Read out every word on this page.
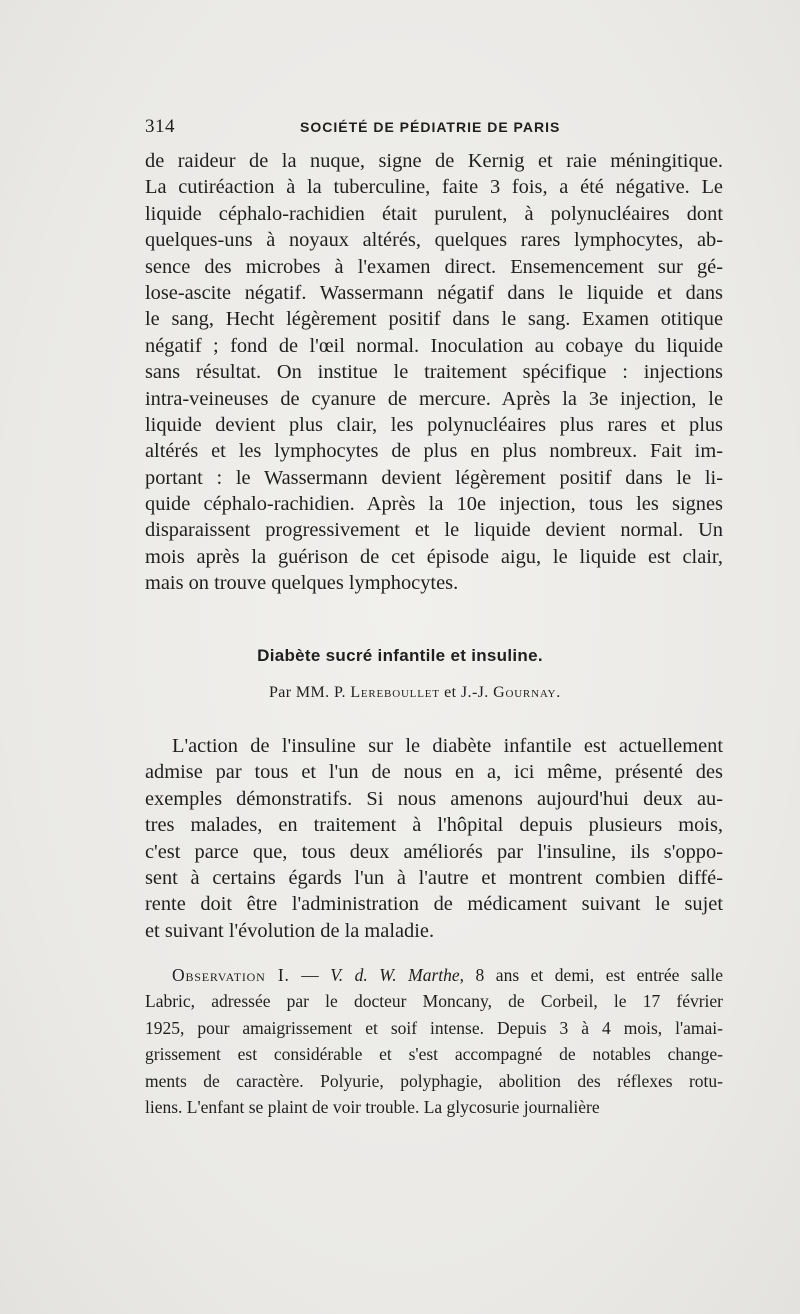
314	SOCIÉTÉ DE PÉDIATRIE DE PARIS
de raideur de la nuque, signe de Kernig et raie méningitique.
La cutiréaction à la tuberculine, faite 3 fois, a été négative. Le
liquide céphalo-rachidien était purulent, à polynucléaires dont
quelques-uns à noyaux altérés, quelques rares lymphocytes, ab-
sence des microbes à l'examen direct. Ensemencement sur gé-
lose-ascite négatif. Wassermann négatif dans le liquide et dans
le sang, Hecht légèrement positif dans le sang. Examen otitique
négatif ; fond de l'œil normal. Inoculation au cobaye du liquide
sans résultat. On institue le traitement spécifique : injections
intra-veineuses de cyanure de mercure. Après la 3e injection, le
liquide devient plus clair, les polynucléaires plus rares et plus
altérés et les lymphocytes de plus en plus nombreux. Fait im-
portant : le Wassermann devient légèrement positif dans le li-
quide céphalo-rachidien. Après la 10e injection, tous les signes
disparaissent progressivement et le liquide devient normal. Un
mois après la guérison de cet épisode aigu, le liquide est clair,
mais on trouve quelques lymphocytes.
Diabète sucré infantile et insuline.
Par MM. P. Lereboullet et J.-J. Gournay.
L'action de l'insuline sur le diabète infantile est actuellement
admise par tous et l'un de nous en a, ici même, présenté des
exemples démonstratifs. Si nous amenons aujourd'hui deux au-
tres malades, en traitement à l'hôpital depuis plusieurs mois,
c'est parce que, tous deux améliorés par l'insuline, ils s'oppo-
sent à certains égards l'un à l'autre et montrent combien diffé-
rente doit être l'administration de médicament suivant le sujet
et suivant l'évolution de la maladie.
Observation I. — V. d. W. Marthe, 8 ans et demi, est entrée salle
Labric, adressée par le docteur Moncany, de Corbeil, le 17 février
1925, pour amaigrissement et soif intense. Depuis 3 à 4 mois, l'amai-
grissement est considérable et s'est accompagné de notables change-
ments de caractère. Polyurie, polyphagie, abolition des réflexes rotu-
liens. L'enfant se plaint de voir trouble. La glycosurie journalière
